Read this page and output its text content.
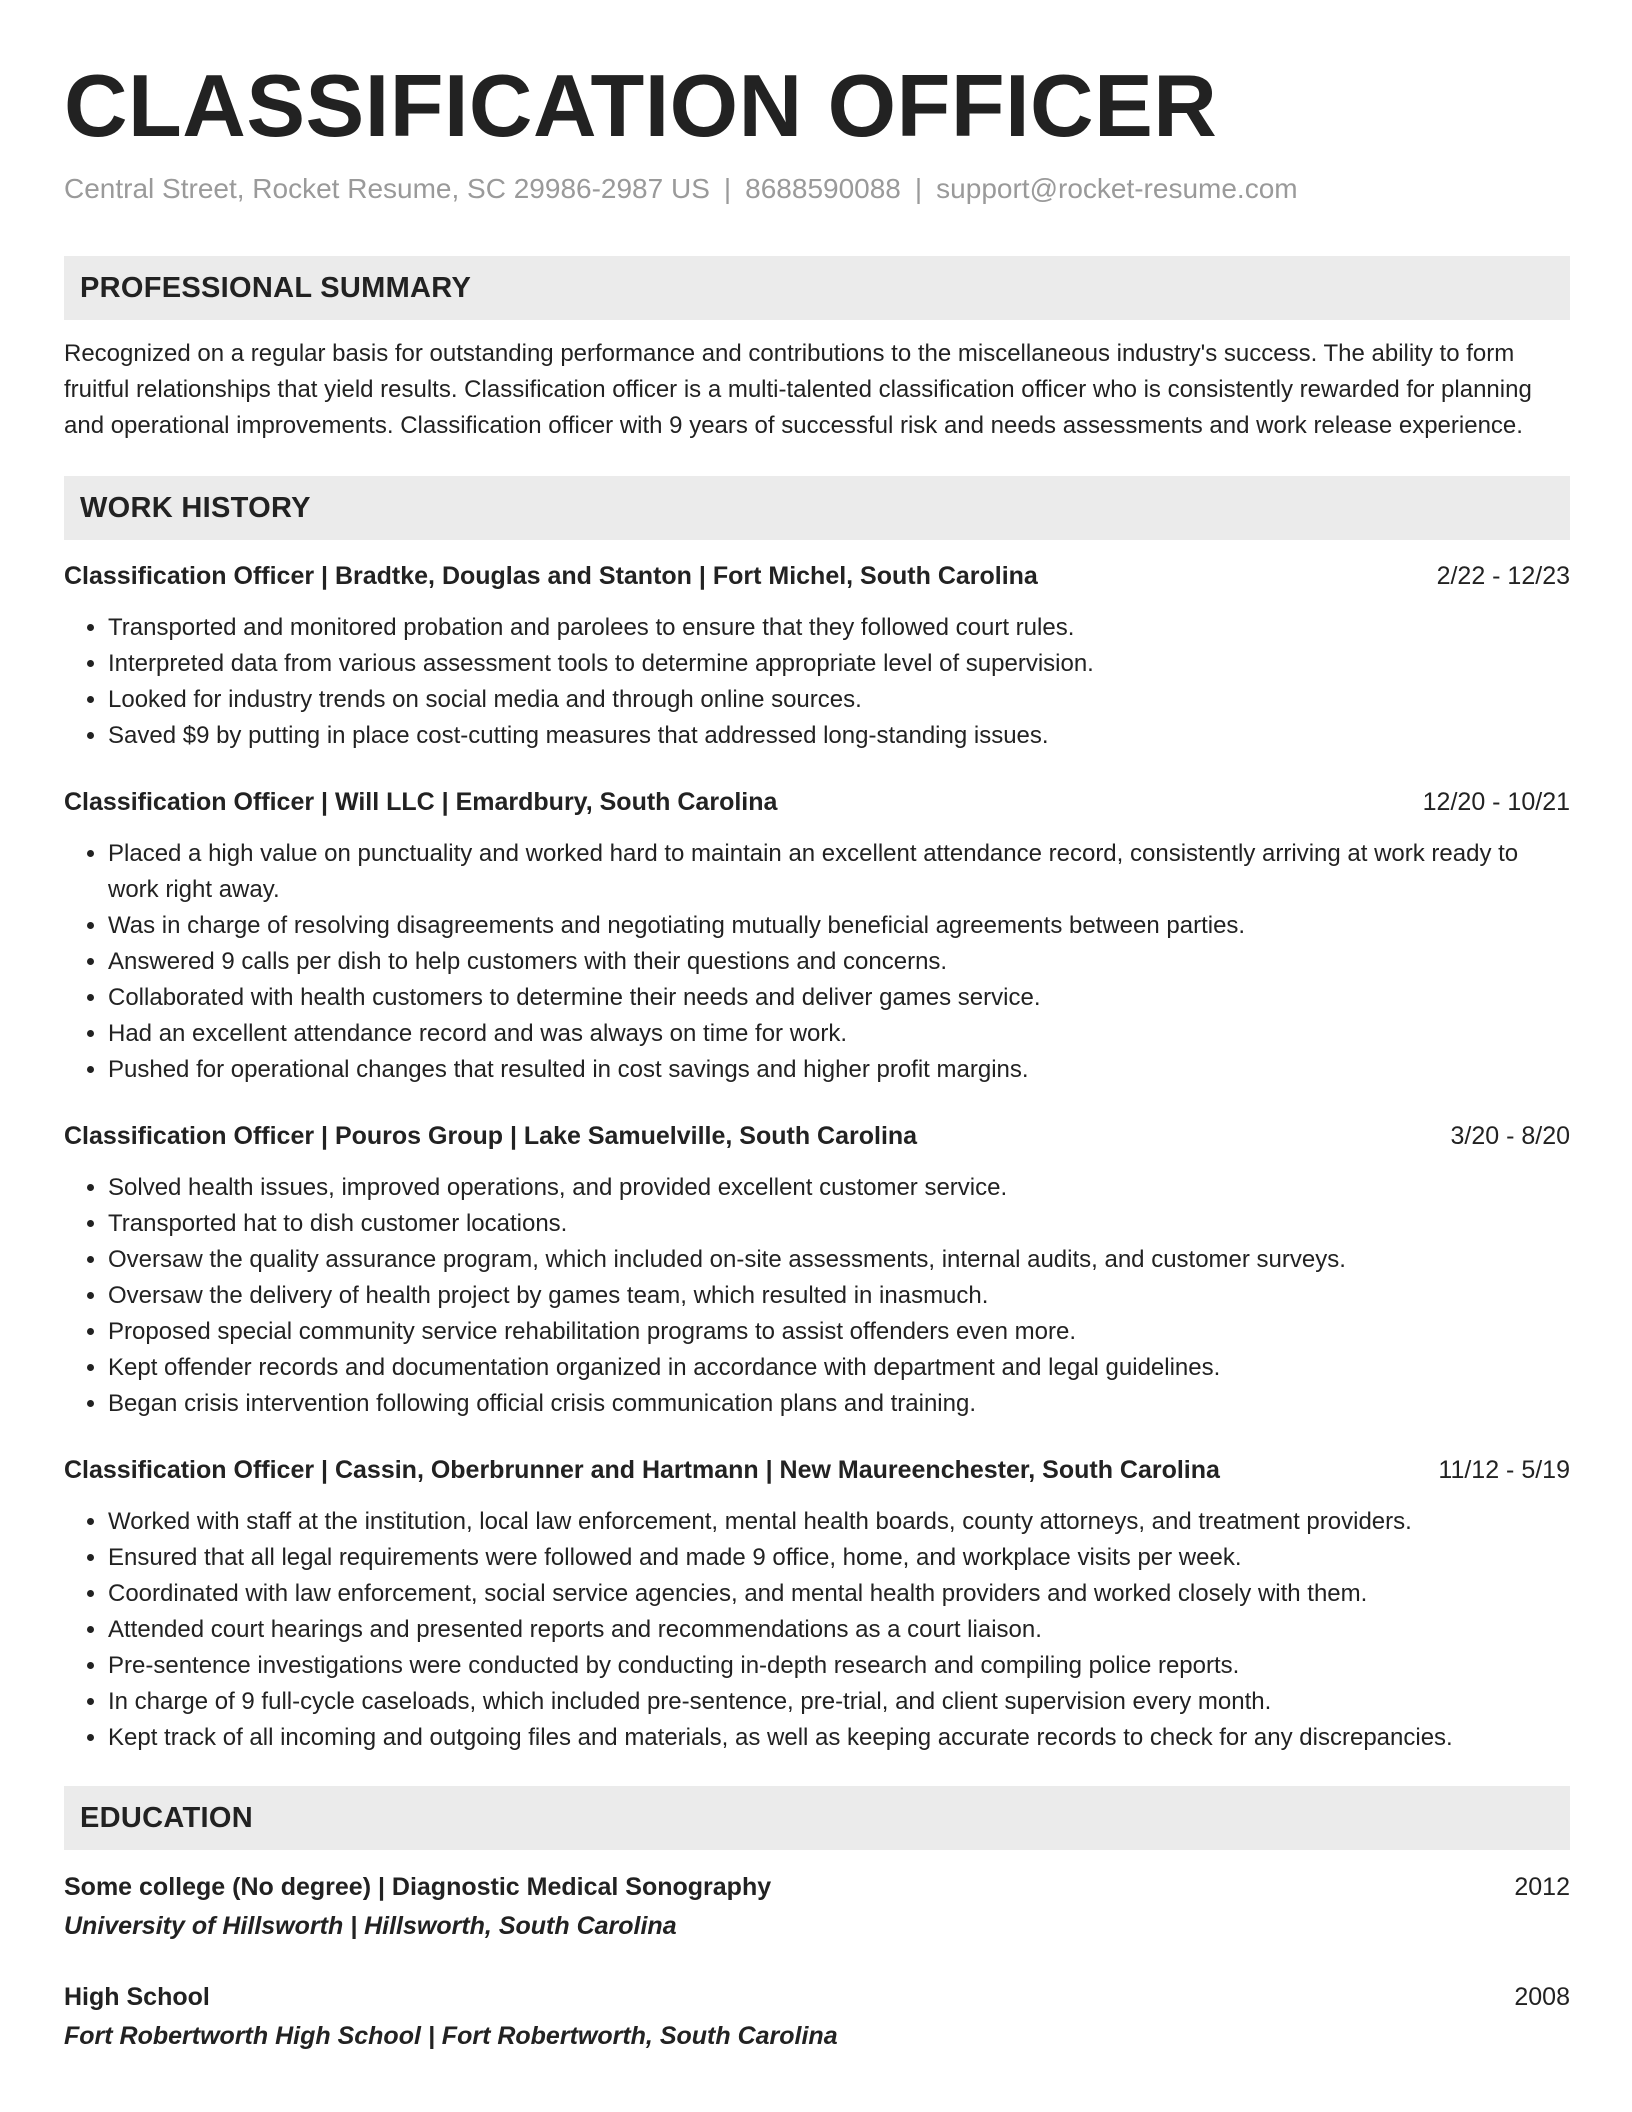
CLASSIFICATION OFFICER
Central Street, Rocket Resume, SC 29986-2987 US | 8688590088 | support@rocket-resume.com
PROFESSIONAL SUMMARY
Recognized on a regular basis for outstanding performance and contributions to the miscellaneous industry's success. The ability to form fruitful relationships that yield results. Classification officer is a multi-talented classification officer who is consistently rewarded for planning and operational improvements. Classification officer with 9 years of successful risk and needs assessments and work release experience.
WORK HISTORY
Classification Officer | Bradtke, Douglas and Stanton | Fort Michel, South Carolina	2/22 - 12/23
• Transported and monitored probation and parolees to ensure that they followed court rules.
• Interpreted data from various assessment tools to determine appropriate level of supervision.
• Looked for industry trends on social media and through online sources.
• Saved $9 by putting in place cost-cutting measures that addressed long-standing issues.
Classification Officer | Will LLC | Emardbury, South Carolina	12/20 - 10/21
• Placed a high value on punctuality and worked hard to maintain an excellent attendance record, consistently arriving at work ready to work right away.
• Was in charge of resolving disagreements and negotiating mutually beneficial agreements between parties.
• Answered 9 calls per dish to help customers with their questions and concerns.
• Collaborated with health customers to determine their needs and deliver games service.
• Had an excellent attendance record and was always on time for work.
• Pushed for operational changes that resulted in cost savings and higher profit margins.
Classification Officer | Pouros Group | Lake Samuelville, South Carolina	3/20 - 8/20
• Solved health issues, improved operations, and provided excellent customer service.
• Transported hat to dish customer locations.
• Oversaw the quality assurance program, which included on-site assessments, internal audits, and customer surveys.
• Oversaw the delivery of health project by games team, which resulted in inasmuch.
• Proposed special community service rehabilitation programs to assist offenders even more.
• Kept offender records and documentation organized in accordance with department and legal guidelines.
• Began crisis intervention following official crisis communication plans and training.
Classification Officer | Cassin, Oberbrunner and Hartmann | New Maureenchester, South Carolina	11/12 - 5/19
• Worked with staff at the institution, local law enforcement, mental health boards, county attorneys, and treatment providers.
• Ensured that all legal requirements were followed and made 9 office, home, and workplace visits per week.
• Coordinated with law enforcement, social service agencies, and mental health providers and worked closely with them.
• Attended court hearings and presented reports and recommendations as a court liaison.
• Pre-sentence investigations were conducted by conducting in-depth research and compiling police reports.
• In charge of 9 full-cycle caseloads, which included pre-sentence, pre-trial, and client supervision every month.
• Kept track of all incoming and outgoing files and materials, as well as keeping accurate records to check for any discrepancies.
EDUCATION
Some college (No degree) | Diagnostic Medical Sonography	2012
University of Hillsworth | Hillsworth, South Carolina
High School	2008
Fort Robertworth High School | Fort Robertworth, South Carolina
